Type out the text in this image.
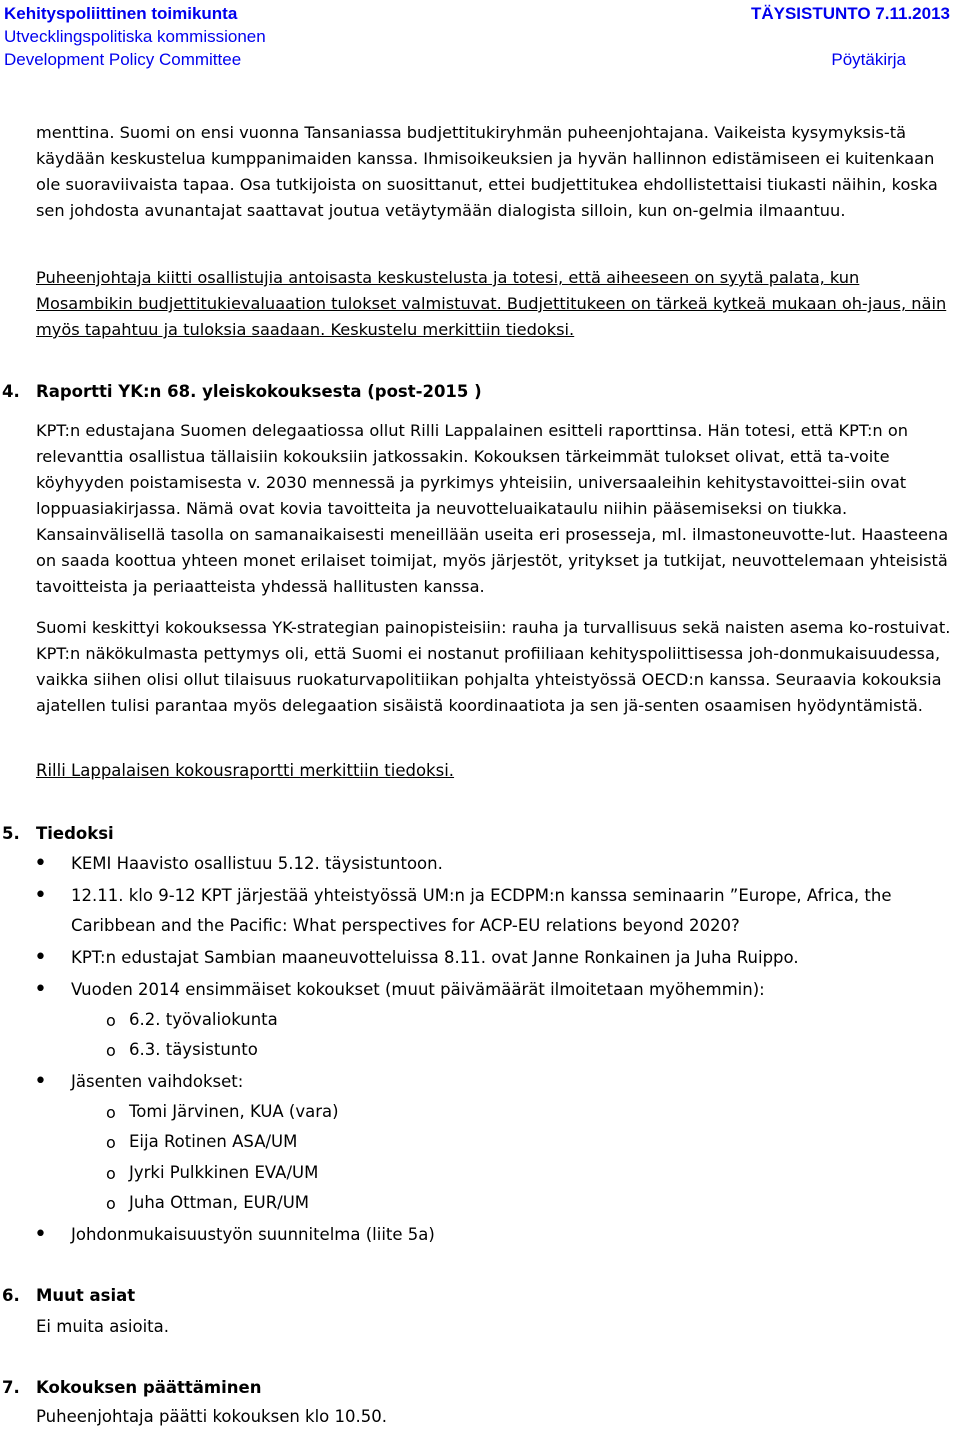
Kehityspoliittinen toimikunta
Utvecklingspolitiska kommissionen
Development Policy Committee
TÄYSISTUNTO 7.11.2013
Pöytäkirja
menttina. Suomi on ensi vuonna Tansaniassa budjettitukiryhmän puheenjohtajana. Vaikeista kysymyksis-tä käydään keskustelua kumppanimaiden kanssa. Ihmisoikeuksien ja hyvän hallinnon edistämiseen ei kuitenkaan ole suoraviivaista tapaa. Osa tutkijoista on suosittanut, ettei budjettitukea ehdollistettaisi tiukasti näihin, koska sen johdosta avunantajat saattavat joutua vetäytymään dialogista silloin, kun on-gelmia ilmaantuu.
Puheenjohtaja kiitti osallistujia antoisasta keskustelusta ja totesi, että aiheeseen on syytä palata, kun Mosambikin budjettitukievaluaation tulokset valmistuvat. Budjettitukeen on tärkeä kytkeä mukaan oh-jaus, näin myös tapahtuu ja tuloksia saadaan. Keskustelu merkittiin tiedoksi.
4. Raportti YK:n 68. yleiskokouksesta (post-2015 )
KPT:n edustajana Suomen delegaatiossa ollut Rilli Lappalainen esitteli raporttinsa. Hän totesi, että KPT:n on relevanttia osallistua tällaisiin kokouksiin jatkossakin. Kokouksen tärkeimmät tulokset olivat, että ta-voite köyhyyden poistamisesta v. 2030 mennessä ja pyrkimys yhteisiin, universaaleihin kehitystavoittei-siin ovat loppuasiakirjassa. Nämä ovat kovia tavoitteita ja neuvotteluaikataulu niihin pääsemiseksi on tiukka. Kansainvälisellä tasolla on samanaikaisesti meneillään useita eri prosesseja, ml. ilmastoneuvotte-lut. Haasteena on saada koottua yhteen monet erilaiset toimijat, myös järjestöt, yritykset ja tutkijat, neuvottelemaan yhteisistä tavoitteista ja periaatteista yhdessä hallitusten kanssa.
Suomi keskittyi kokouksessa YK-strategian painopisteisiin: rauha ja turvallisuus sekä naisten asema ko-rostuivat. KPT:n näkökulmasta pettymys oli, että Suomi ei nostanut profiiliaan kehityspoliittisessa joh-donmukaisuudessa, vaikka siihen olisi ollut tilaisuus ruokaturvapolitiikan pohjalta yhteistyössä OECD:n kanssa. Seuraavia kokouksia ajatellen tulisi parantaa myös delegaation sisäistä koordinaatiota ja sen jä-senten osaamisen hyödyntämistä.
Rilli Lappalaisen kokousraportti merkittiin tiedoksi.
5. Tiedoksi
• KEMI Haavisto osallistuu 5.12. täysistuntoon.
• 12.11. klo 9-12 KPT järjestää yhteistyössä UM:n ja ECDPM:n kanssa seminaarin ”Europe, Africa, the Caribbean and the Pacific: What perspectives for ACP-EU relations beyond 2020?
• KPT:n edustajat Sambian maaneuvotteluissa 8.11. ovat Janne Ronkainen ja Juha Ruippo.
• Vuoden 2014 ensimmäiset kokoukset (muut päivämäärät ilmoitetaan myöhemmin):
o 6.2. työvaliokunta
o 6.3. täysistunto
• Jäsenten vaihdokset:
o Tomi Järvinen, KUA (vara)
o Eija Rotinen ASA/UM
o Jyrki Pulkkinen EVA/UM
o Juha Ottman, EUR/UM
• Johdonmukaisuustyön suunnitelma (liite 5a)
6. Muut asiat
Ei muita asioita.
7. Kokouksen päättäminen
Puheenjohtaja päätti kokouksen klo 10.50.
